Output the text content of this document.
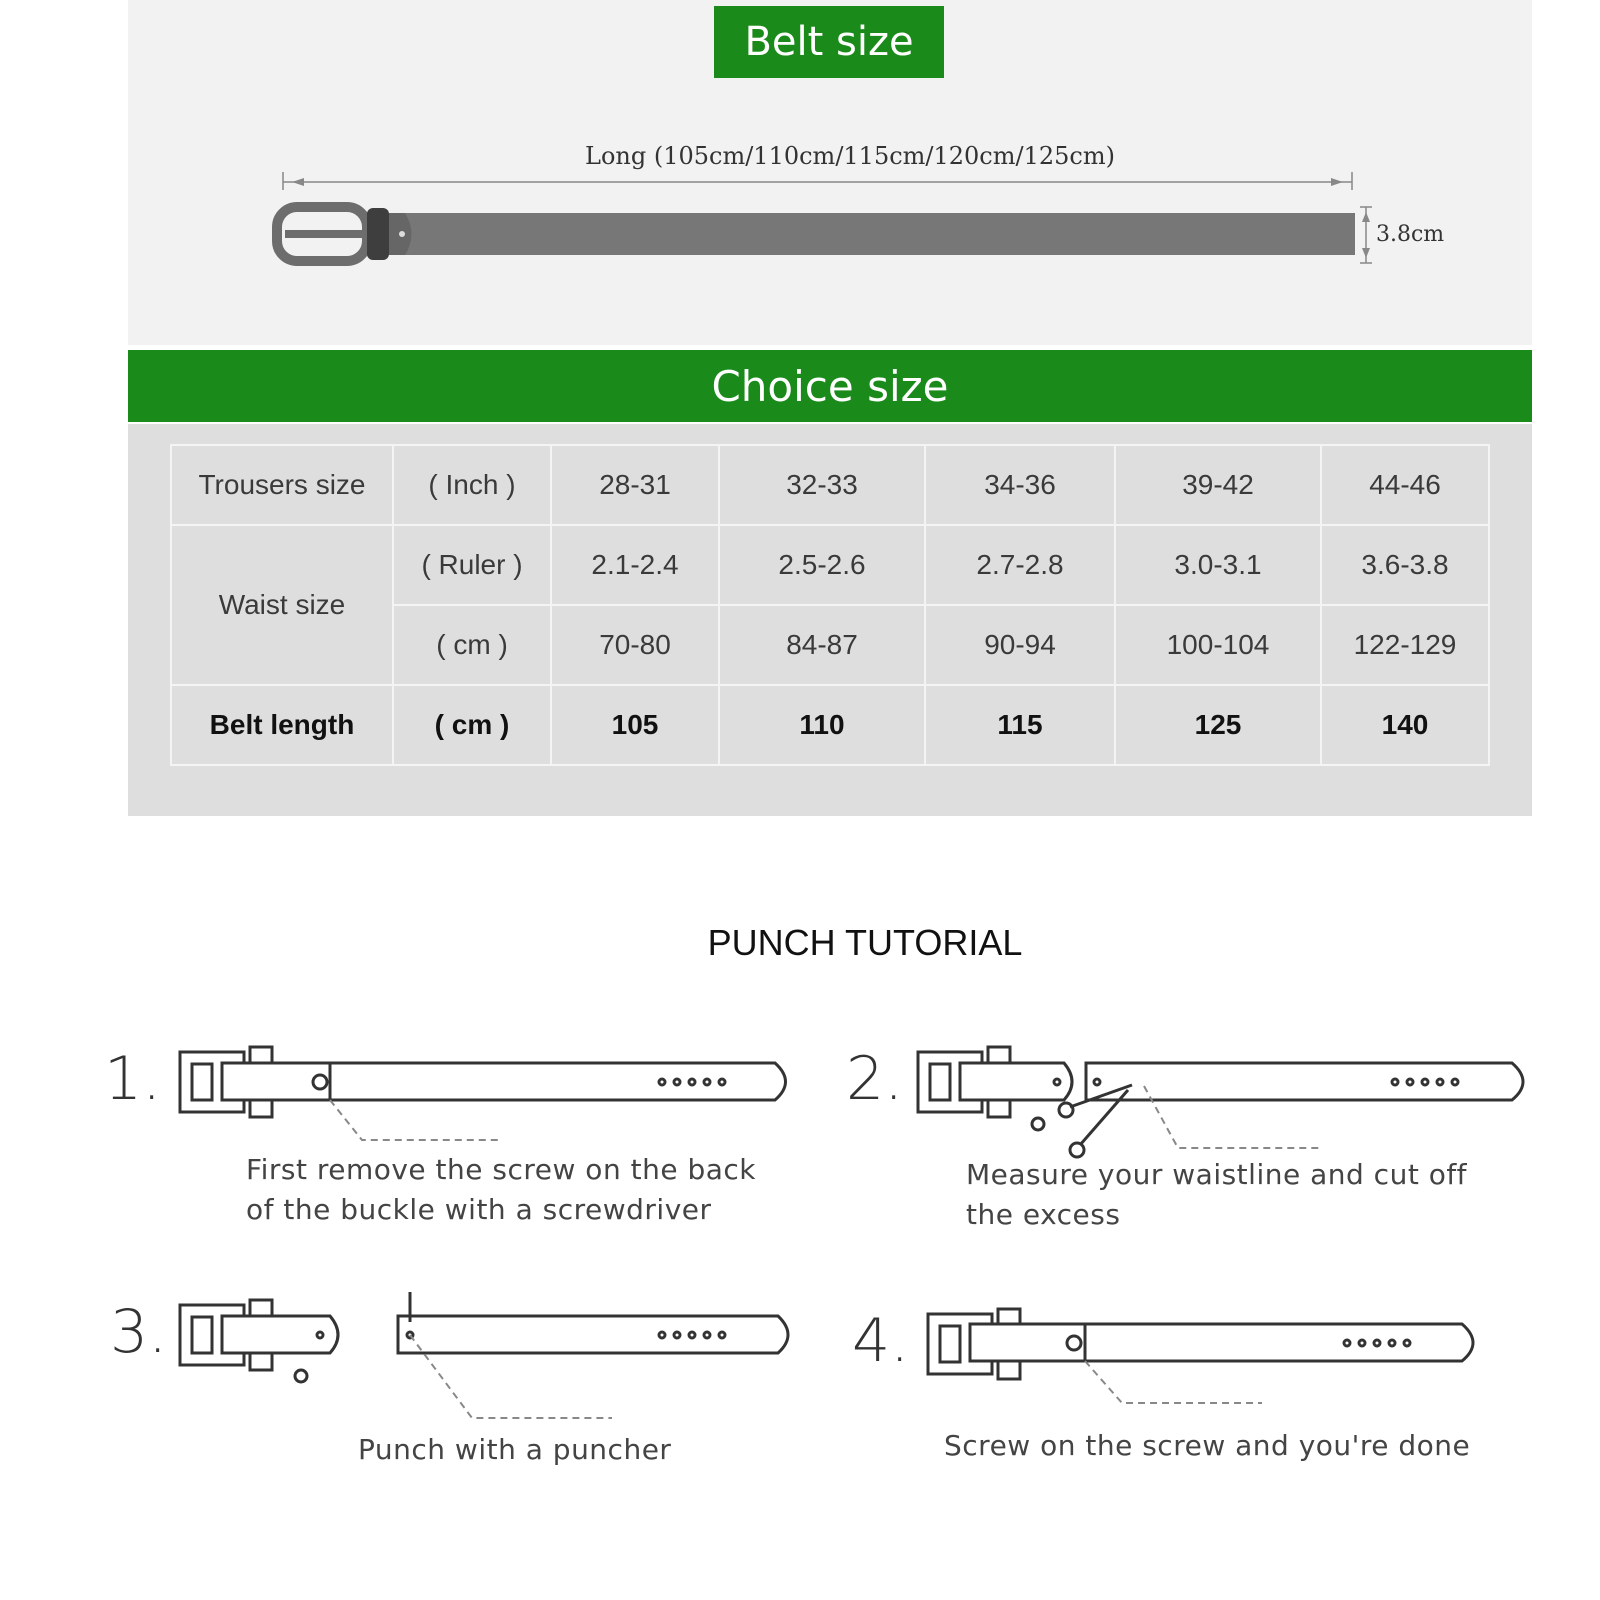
Belt size
Long (105cm/110cm/115cm/120cm/125cm)
3.8cm
Choice size
Trousers size	( Inch )	28-31	32-33	34-36	39-42	44-46
Waist size	( Ruler )	2.1-2.4	2.5-2.6	2.7-2.8	3.0-3.1	3.6-3.8
	( cm )	70-80	84-87	90-94	100-104	122-129
Belt length	( cm )	105	110	115	125	140
PUNCH TUTORIAL
1.
First remove the screw on the back
of the buckle with a screwdriver
2.
Measure your waistline and cut off
the excess
3.
Punch with a puncher
4.
Screw on the screw and you're done
